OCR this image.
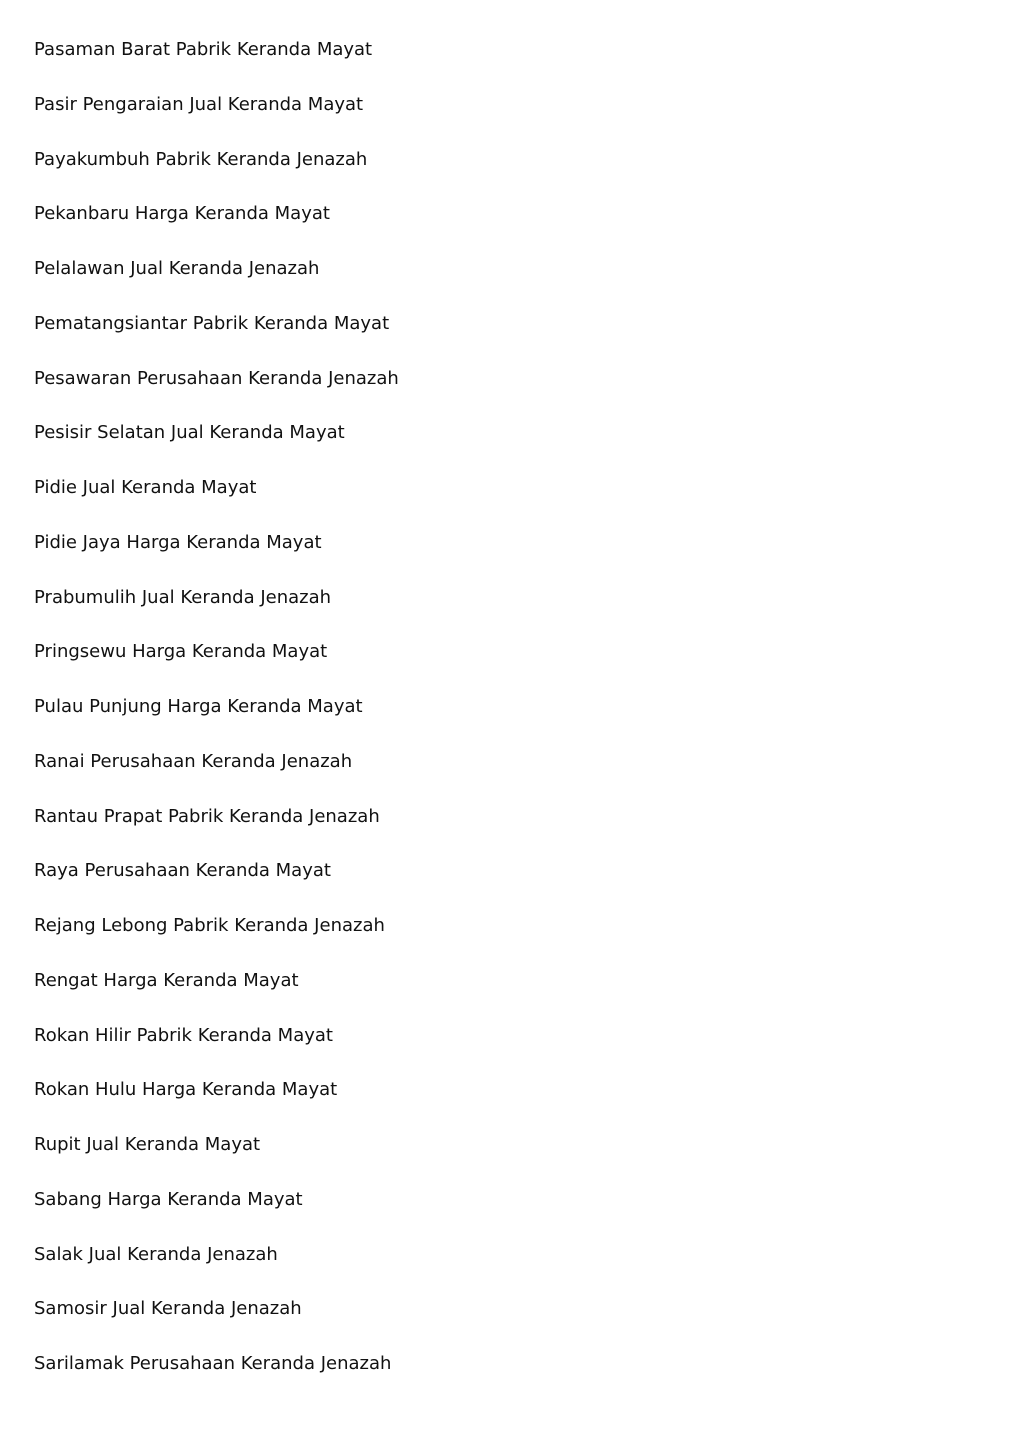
Pasaman Barat Pabrik Keranda Mayat
Pasir Pengaraian Jual Keranda Mayat
Payakumbuh Pabrik Keranda Jenazah
Pekanbaru Harga Keranda Mayat
Pelalawan Jual Keranda Jenazah
Pematangsiantar Pabrik Keranda Mayat
Pesawaran Perusahaan Keranda Jenazah
Pesisir Selatan Jual Keranda Mayat
Pidie Jual Keranda Mayat
Pidie Jaya Harga Keranda Mayat
Prabumulih Jual Keranda Jenazah
Pringsewu Harga Keranda Mayat
Pulau Punjung Harga Keranda Mayat
Ranai Perusahaan Keranda Jenazah
Rantau Prapat Pabrik Keranda Jenazah
Raya Perusahaan Keranda Mayat
Rejang Lebong Pabrik Keranda Jenazah
Rengat Harga Keranda Mayat
Rokan Hilir Pabrik Keranda Mayat
Rokan Hulu Harga Keranda Mayat
Rupit Jual Keranda Mayat
Sabang Harga Keranda Mayat
Salak Jual Keranda Jenazah
Samosir Jual Keranda Jenazah
Sarilamak Perusahaan Keranda Jenazah
